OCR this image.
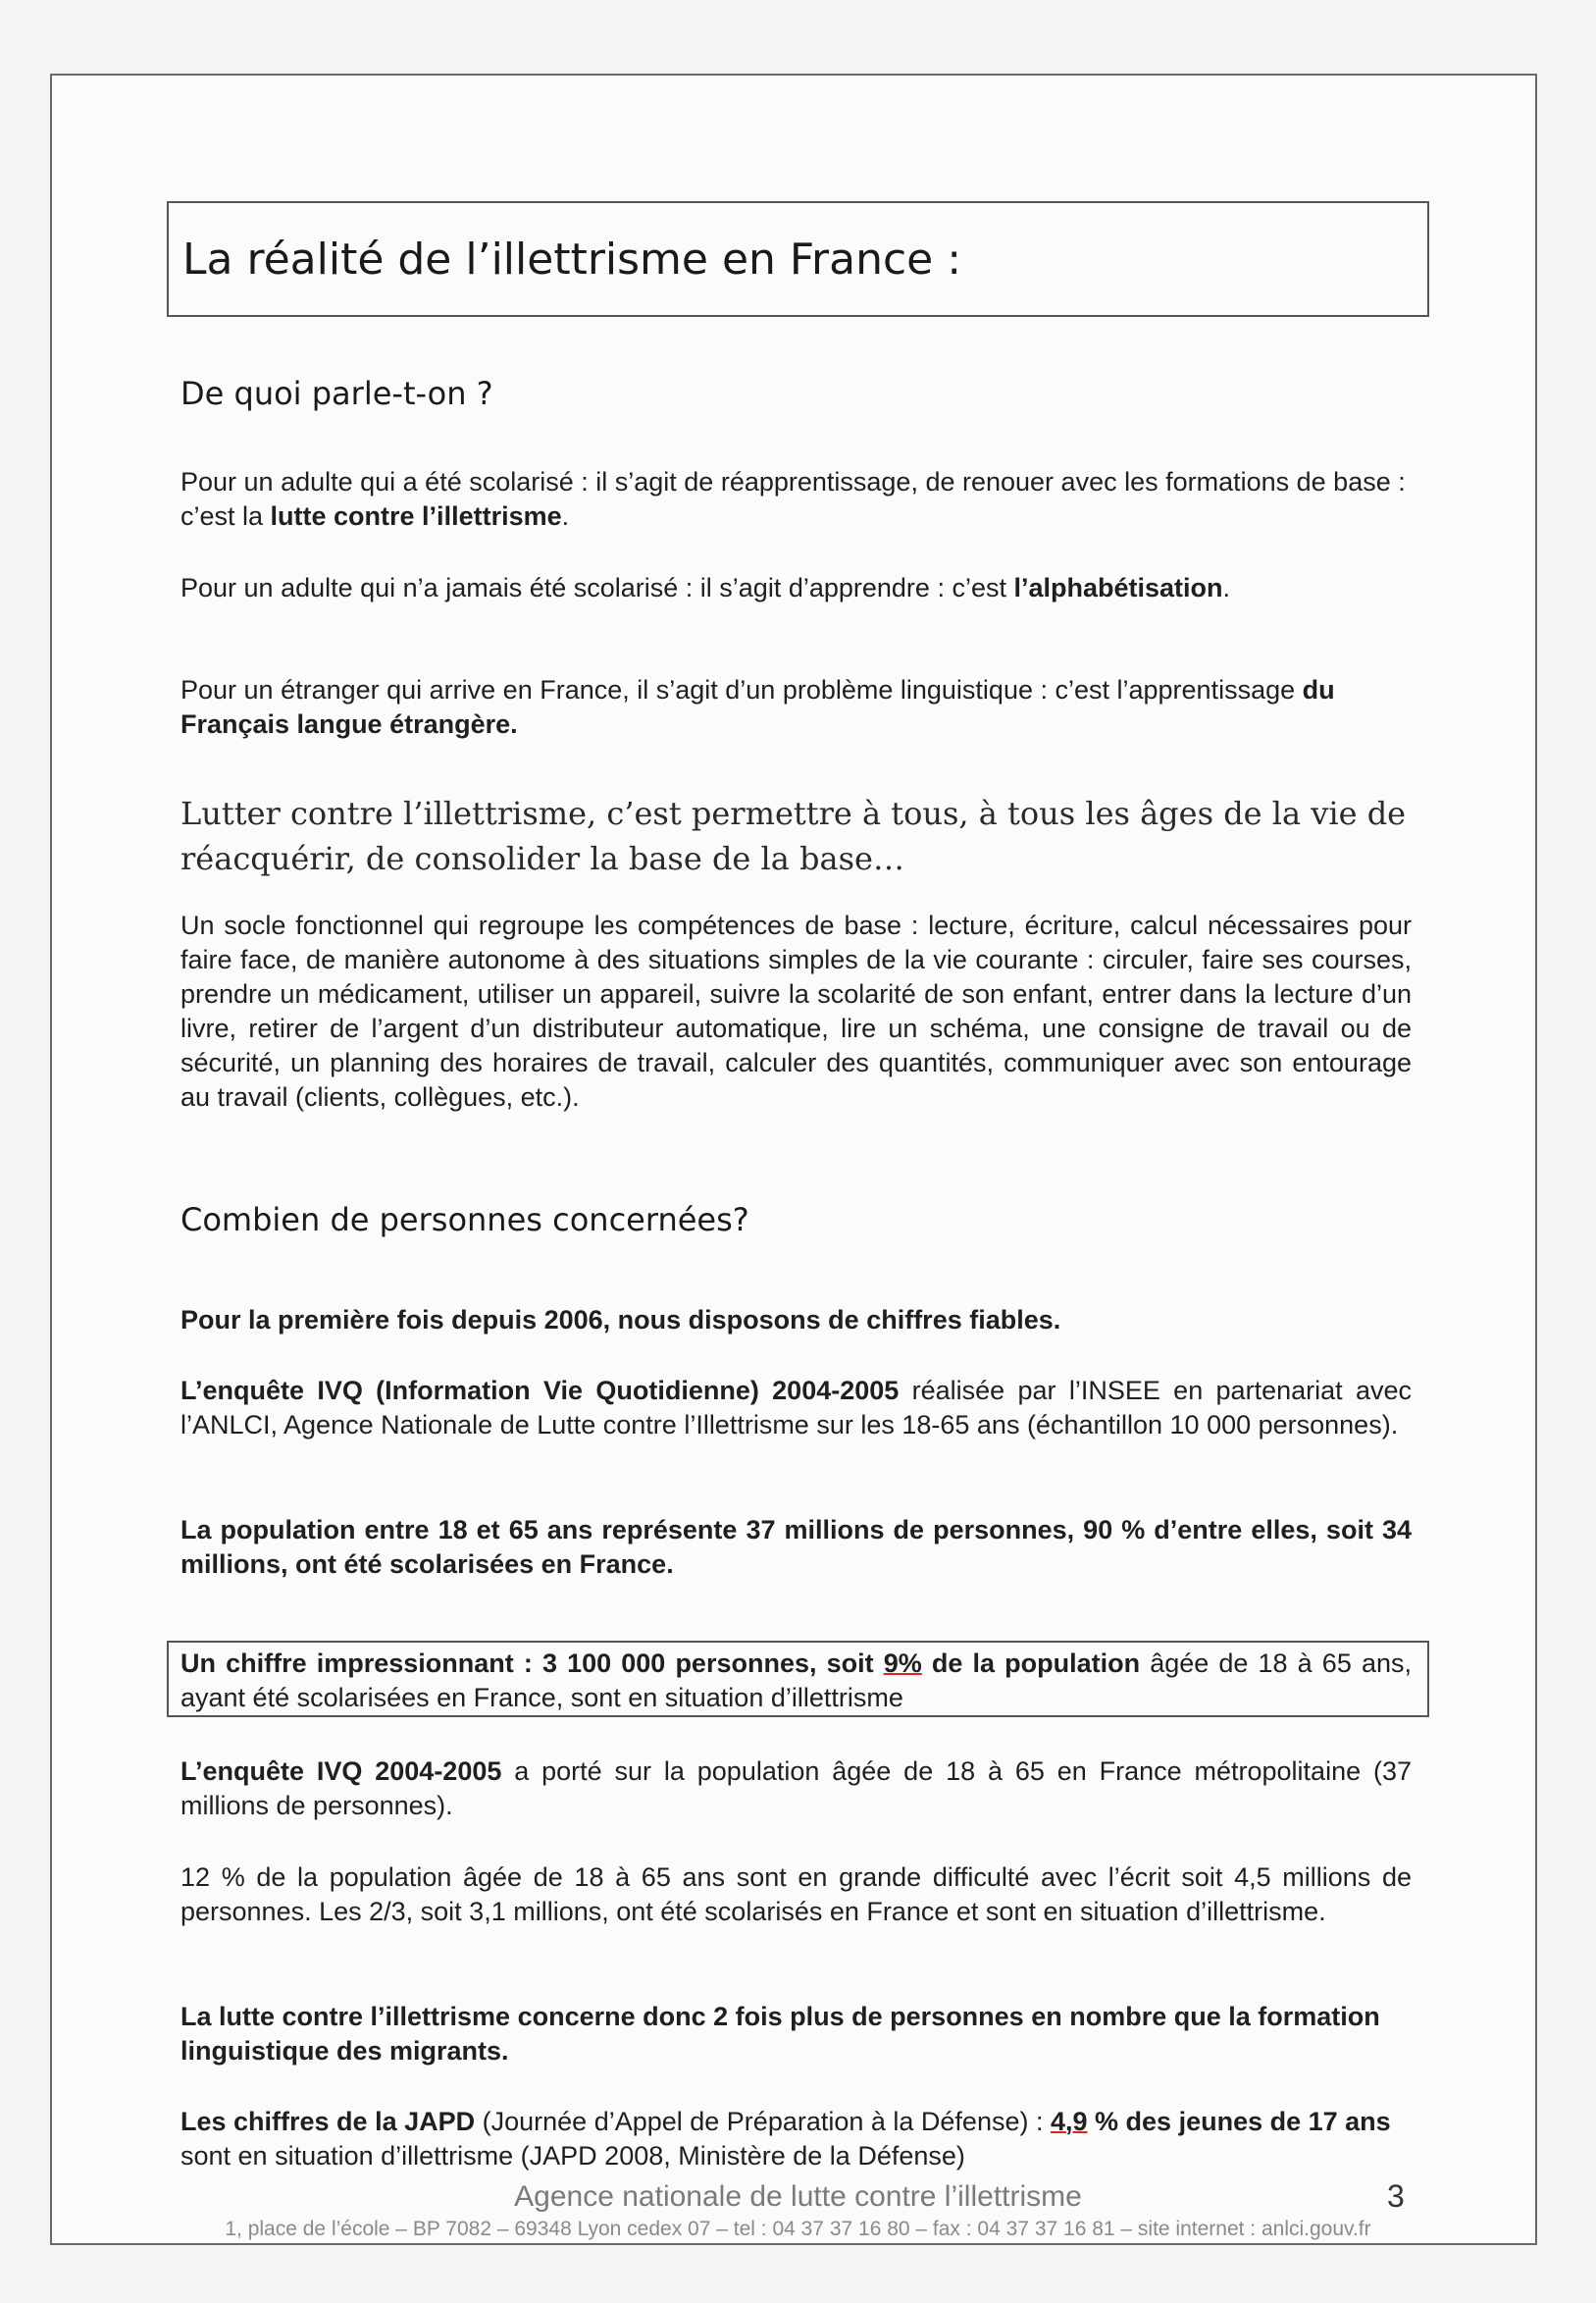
La réalité de l’illettrisme en France :
De quoi parle-t-on ?

Pour un adulte qui a été scolarisé : il s’agit de réapprentissage, de renouer avec les formations de base : c’est la lutte contre l’illettrisme.

Pour un adulte qui n’a jamais été scolarisé : il s’agit d’apprendre : c’est l’alphabétisation.

Pour un étranger qui arrive en France, il s’agit d’un problème linguistique : c’est l’apprentissage du Français langue étrangère.

Lutter contre l’illettrisme, c’est permettre à tous, à tous les âges de la vie de réacquérir, de consolider la base de la base…

Un socle fonctionnel qui regroupe les compétences de base : lecture, écriture, calcul nécessaires pour faire face, de manière autonome à des situations simples de la vie courante : circuler, faire ses courses, prendre un médicament, utiliser un appareil, suivre la scolarité de son enfant, entrer dans la lecture d’un livre, retirer de l’argent d’un distributeur automatique, lire un schéma, une consigne de travail ou de sécurité, un planning des horaires de travail, calculer des quantités, communiquer avec son entourage au travail (clients, collègues, etc.).

Combien de personnes concernées?

Pour la première fois depuis 2006, nous disposons de chiffres fiables.

L’enquête IVQ (Information Vie Quotidienne) 2004-2005 réalisée par l’INSEE en partenariat avec l’ANLCI, Agence Nationale de Lutte contre l’Illettrisme sur les 18-65 ans (échantillon 10 000 personnes).

La population entre 18 et 65 ans représente 37 millions de personnes, 90 % d’entre elles, soit 34 millions, ont été scolarisées en France.

Un chiffre impressionnant : 3 100 000 personnes, soit 9% de la population âgée de 18 à 65 ans, ayant été scolarisées en France, sont en situation d’illettrisme

L’enquête IVQ 2004-2005 a porté sur la population âgée de 18 à 65 en France métropolitaine (37 millions de personnes).

12 % de la population âgée de 18 à 65 ans sont en grande difficulté avec l’écrit soit 4,5 millions de personnes. Les 2/3, soit 3,1 millions, ont été scolarisés en France et sont en situation d’illettrisme.

La lutte contre l’illettrisme concerne donc 2 fois plus de personnes en nombre que la formation linguistique des migrants.

Les chiffres de la JAPD (Journée d’Appel de Préparation à la Défense) : 4,9 % des jeunes de 17 ans sont en situation d’illettrisme (JAPD 2008, Ministère de la Défense)

Agence nationale de lutte contre l’illettrisme	3
1, place de l’école – BP 7082 – 69348 Lyon cedex 07 – tel : 04 37 37 16 80 – fax : 04 37 37 16 81 – site internet : anlci.gouv.fr
